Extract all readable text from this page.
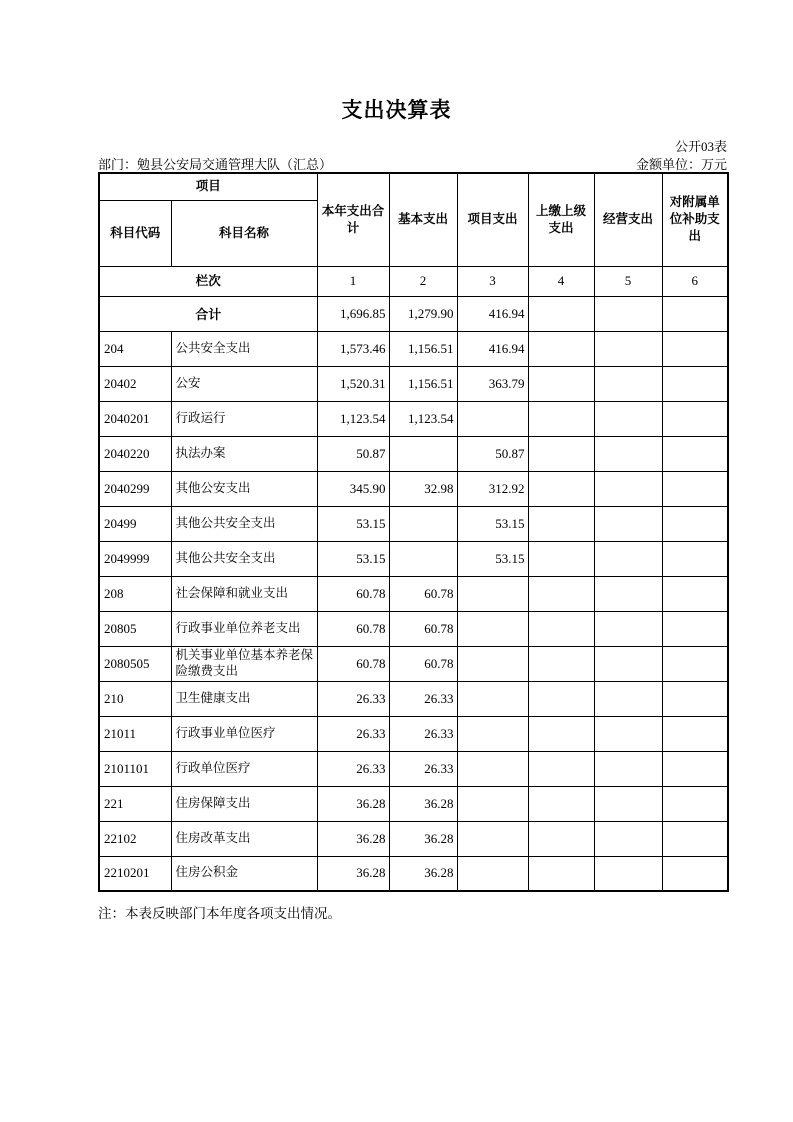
支出决算表
公开03表
部门：勉县公安局交通管理大队（汇总）	金额单位：万元
项目		本年支出合计	基本支出	项目支出	上缴上级支出	经营支出	对附属单位补助支出
科目代码	科目名称						
栏次		1	2	3	4	5	6
合计		1,696.85	1,279.90	416.94			
204	公共安全支出	1,573.46	1,156.51	416.94			
20402	公安	1,520.31	1,156.51	363.79			
2040201	行政运行	1,123.54	1,123.54				
2040220	执法办案	50.87		50.87			
2040299	其他公安支出	345.90	32.98	312.92			
20499	其他公共安全支出	53.15		53.15			
2049999	其他公共安全支出	53.15		53.15			
208	社会保障和就业支出	60.78	60.78				
20805	行政事业单位养老支出	60.78	60.78				
2080505	机关事业单位基本养老保险缴费支出	60.78	60.78				
210	卫生健康支出	26.33	26.33				
21011	行政事业单位医疗	26.33	26.33				
2101101	行政单位医疗	26.33	26.33				
221	住房保障支出	36.28	36.28				
22102	住房改革支出	36.28	36.28				
2210201	住房公积金	36.28	36.28				
注：本表反映部门本年度各项支出情况。
